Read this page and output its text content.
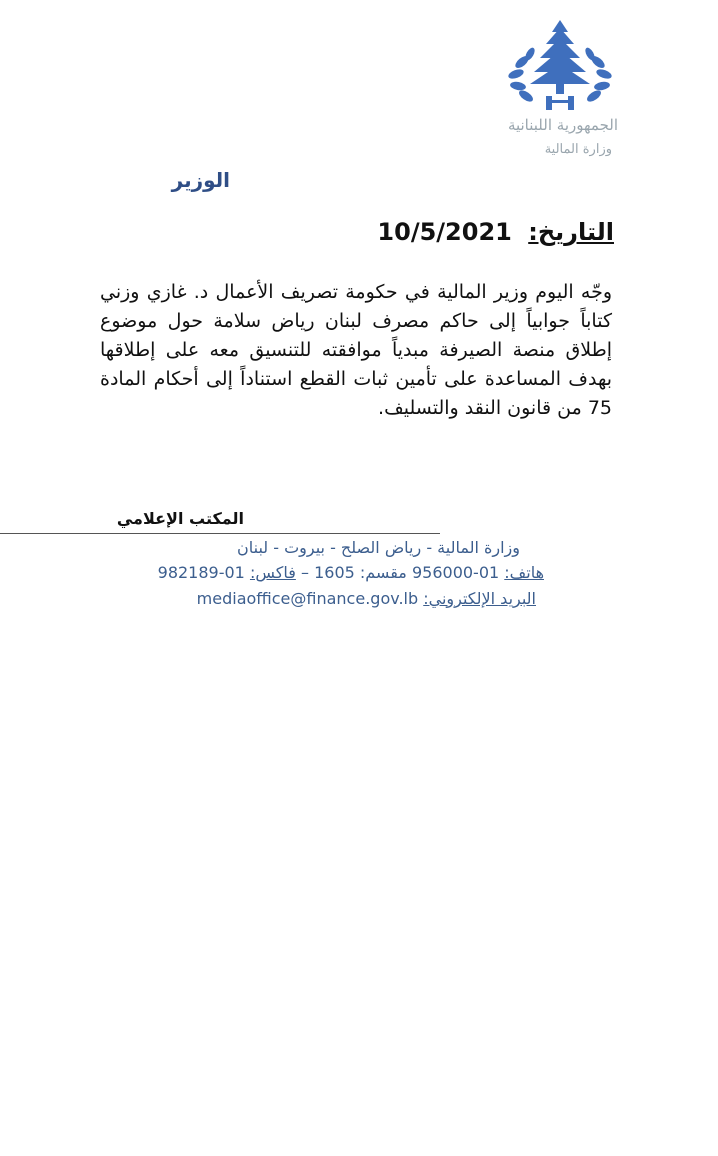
الجمهورية اللبنانية
وزارة المالية
الوزير
التاريخ: 10/5/2021
وجّه اليوم وزير المالية في حكومة تصريف الأعمال د. غازي وزني كتاباً جوابياً إلى حاكم مصرف لبنان رياض سلامة حول موضوع إطلاق منصة الصيرفة مبدياً موافقته للتنسيق معه على إطلاقها بهدف المساعدة على تأمين ثبات القطع استناداً إلى أحكام المادة 75 من قانون النقد والتسليف.
المكتب الإعلامي
وزارة المالية - رياض الصلح - بيروت - لبنان
هاتف: 956000-01 مقسم: 1605 – فاكس: 982189-01
البريد الإلكتروني: mediaoffice@finance.gov.lb
